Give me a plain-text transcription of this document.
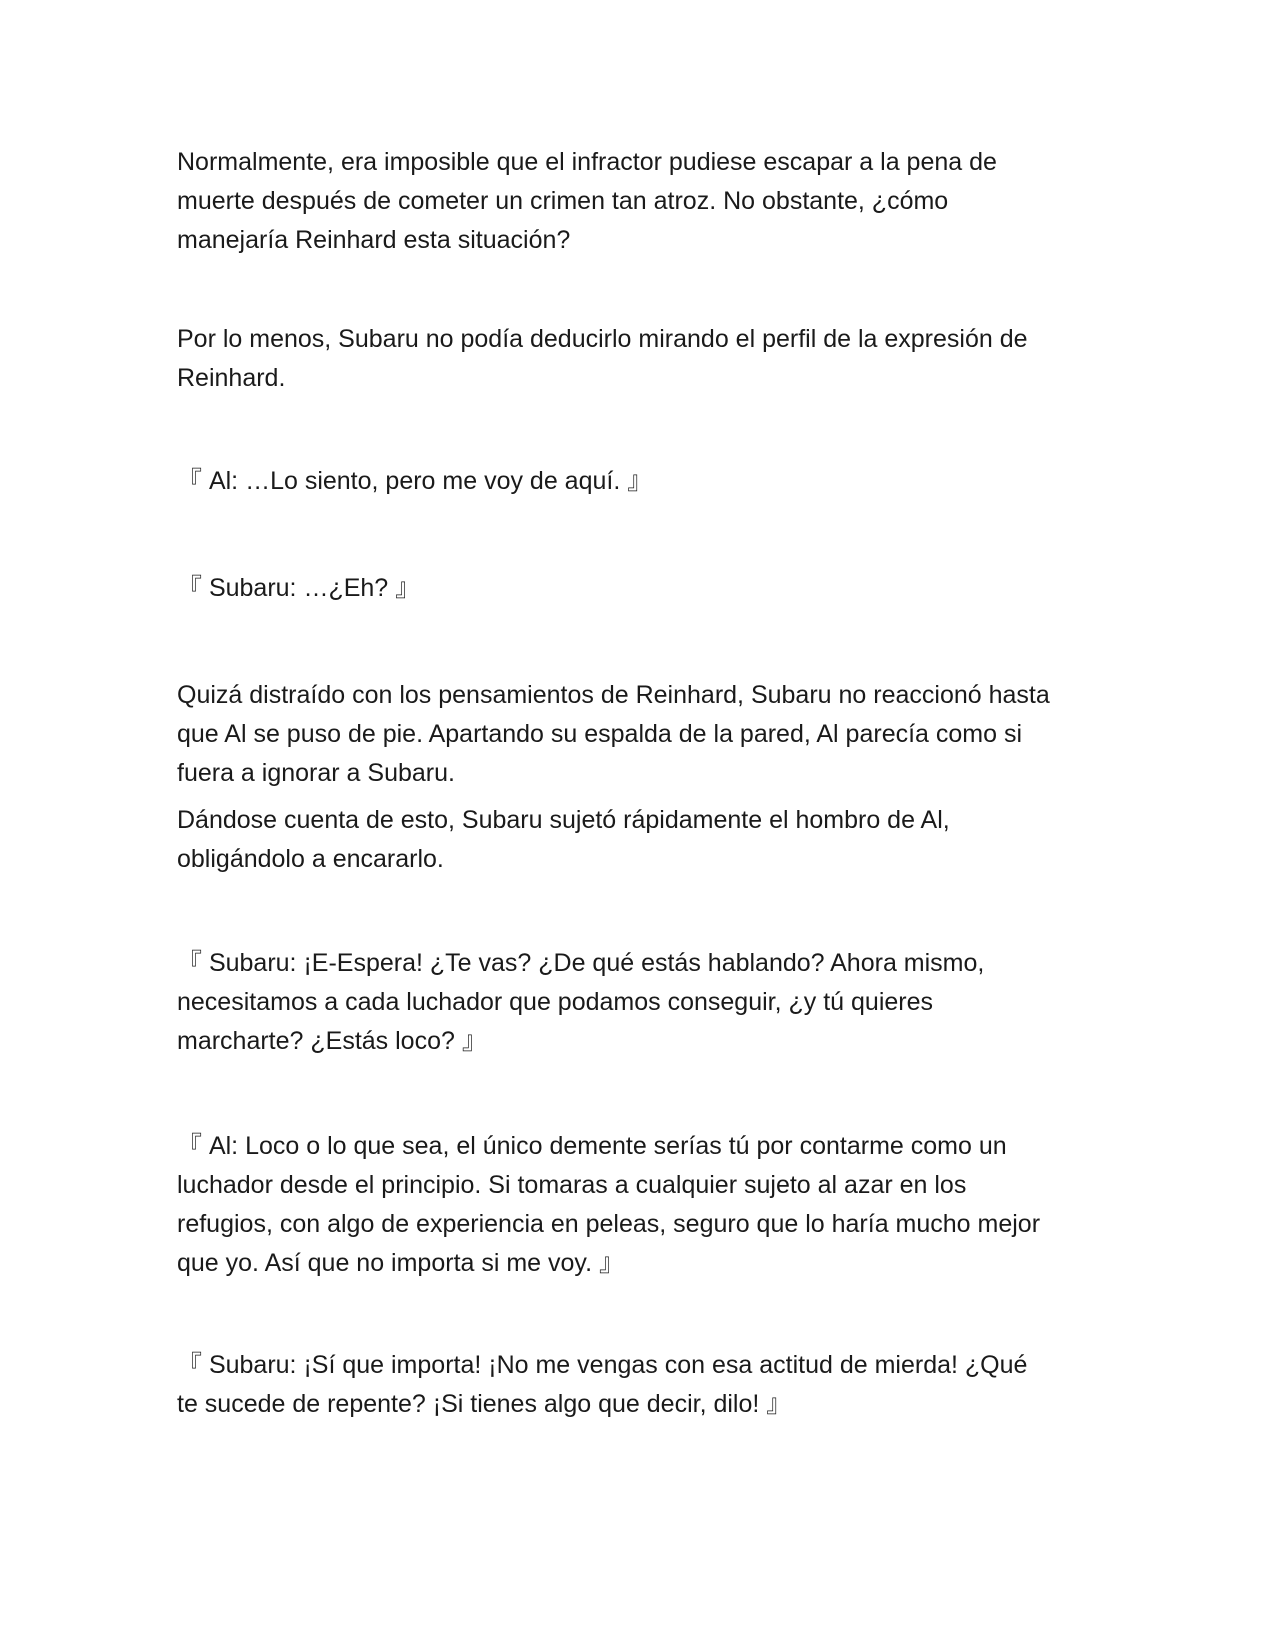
Normalmente, era imposible que el infractor pudiese escapar a la pena de
muerte después de cometer un crimen tan atroz. No obstante, ¿cómo
manejaría Reinhard esta situación?

Por lo menos, Subaru no podía deducirlo mirando el perfil de la expresión de
Reinhard.

『 Al: …Lo siento, pero me voy de aquí. 』

『 Subaru: …¿Eh? 』

Quizá distraído con los pensamientos de Reinhard, Subaru no reaccionó hasta
que Al se puso de pie. Apartando su espalda de la pared, Al parecía como si
fuera a ignorar a Subaru.

Dándose cuenta de esto, Subaru sujetó rápidamente el hombro de Al,
obligándolo a encararlo.

『 Subaru: ¡E-Espera! ¿Te vas? ¿De qué estás hablando? Ahora mismo,
necesitamos a cada luchador que podamos conseguir, ¿y tú quieres
marcharte? ¿Estás loco? 』

『 Al: Loco o lo que sea, el único demente serías tú por contarme como un
luchador desde el principio. Si tomaras a cualquier sujeto al azar en los
refugios, con algo de experiencia en peleas, seguro que lo haría mucho mejor
que yo. Así que no importa si me voy. 』

『 Subaru: ¡Sí que importa! ¡No me vengas con esa actitud de mierda! ¿Qué
te sucede de repente? ¡Si tienes algo que decir, dilo! 』
